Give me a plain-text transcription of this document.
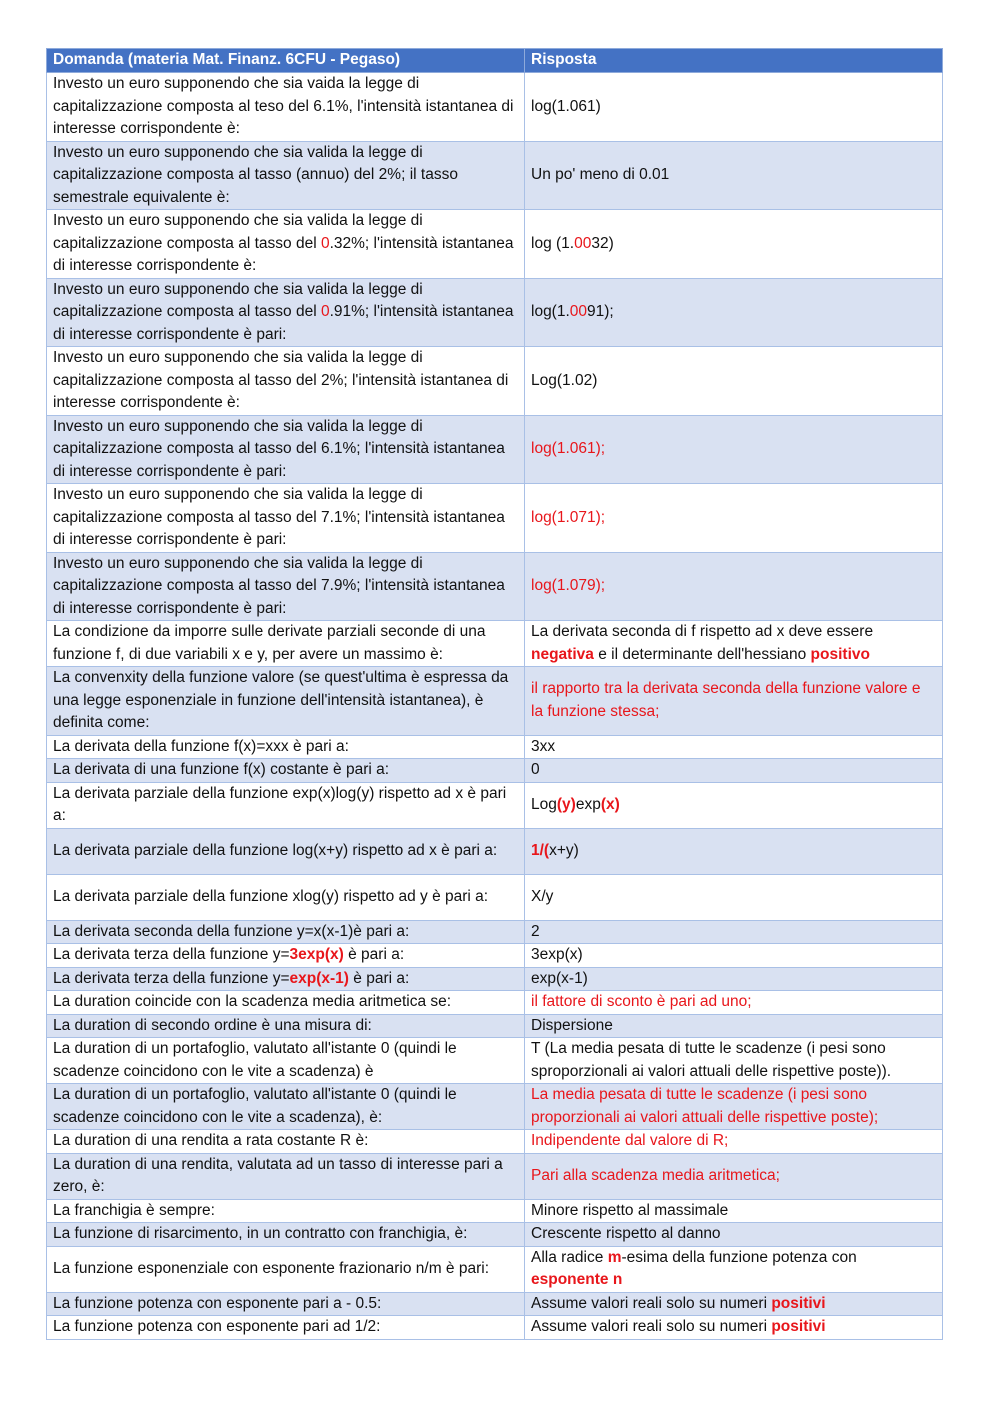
Domanda (materia Mat. Finanz. 6CFU - Pegaso)	Risposta
Investo un euro supponendo che sia vaida la legge di capitalizzazione composta al teso del 6.1%, l'intensità istantanea di interesse corrispondente è:	log(1.061)
Investo un euro supponendo che sia valida la legge di capitalizzazione composta al tasso (annuo) del 2%; il tasso semestrale equivalente è:	Un po' meno di 0.01
Investo un euro supponendo che sia valida la legge di capitalizzazione composta al tasso del 0.32%; l'intensità istantanea di interesse corrispondente è:	log (1.0032)
Investo un euro supponendo che sia valida la legge di capitalizzazione composta al tasso del 0.91%; l'intensità istantanea di interesse corrispondente è pari:	log(1.0091);
Investo un euro supponendo che sia valida la legge di capitalizzazione composta al tasso del 2%; l'intensità istantanea di interesse corrispondente è:	Log(1.02)
Investo un euro supponendo che sia valida la legge di capitalizzazione composta al tasso del 6.1%; l'intensità istantanea di interesse corrispondente è pari:	log(1.061);
Investo un euro supponendo che sia valida la legge di capitalizzazione composta al tasso del 7.1%; l'intensità istantanea di interesse corrispondente è pari:	log(1.071);
Investo un euro supponendo che sia valida la legge di capitalizzazione composta al tasso del 7.9%; l'intensità istantanea di interesse corrispondente è pari:	log(1.079);
La condizione da imporre sulle derivate parziali seconde di una funzione f, di due variabili x e y, per avere un massimo è:	La derivata seconda di f rispetto ad x deve essere negativa e il determinante dell'hessiano positivo
La convenxity della funzione valore (se quest'ultima è espressa da una legge esponenziale in funzione dell'intensità istantanea), è definita come:	il rapporto tra la derivata seconda della funzione valore e la funzione stessa;
La derivata della funzione f(x)=xxx è pari a:	3xx
La derivata di una funzione f(x) costante è pari a:	0
La derivata parziale della funzione exp(x)log(y) rispetto ad x è pari a:	Log(y)exp(x)
La derivata parziale della funzione log(x+y) rispetto ad x è pari a:	1/(x+y)
La derivata parziale della funzione xlog(y) rispetto ad y è pari a:	X/y
La derivata seconda della funzione y=x(x-1)è pari a:	2
La derivata terza della funzione y=3exp(x) è pari a:	3exp(x)
La derivata terza della funzione y=exp(x-1) è pari a:	exp(x-1)
La duration coincide con la scadenza media aritmetica se:	il fattore di sconto è pari ad uno;
La duration di secondo ordine è una misura di:	Dispersione
La duration di un portafoglio, valutato all'istante 0 (quindi le scadenze coincidono con le vite a scadenza) è	T (La media pesata di tutte le scadenze (i pesi sono sproporzionali ai valori attuali delle rispettive poste)).
La duration di un portafoglio, valutato all'istante 0 (quindi le scadenze coincidono con le vite a scadenza), è:	La media pesata di tutte le scadenze (i pesi sono proporzionali ai valori attuali delle rispettive poste);
La duration di una rendita a rata costante R è:	Indipendente dal valore di R;
La duration di una rendita, valutata ad un tasso di interesse pari a zero, è:	Pari alla scadenza media aritmetica;
La franchigia è sempre:	Minore rispetto al massimale
La funzione di risarcimento, in un contratto con franchigia, è:	Crescente rispetto al danno
La funzione esponenziale con esponente frazionario n/m è pari:	Alla radice m-esima della funzione potenza con esponente n
La funzione potenza con esponente pari a - 0.5:	Assume valori reali solo su numeri positivi
La funzione potenza con esponente pari ad 1/2:	Assume valori reali solo su numeri positivi
